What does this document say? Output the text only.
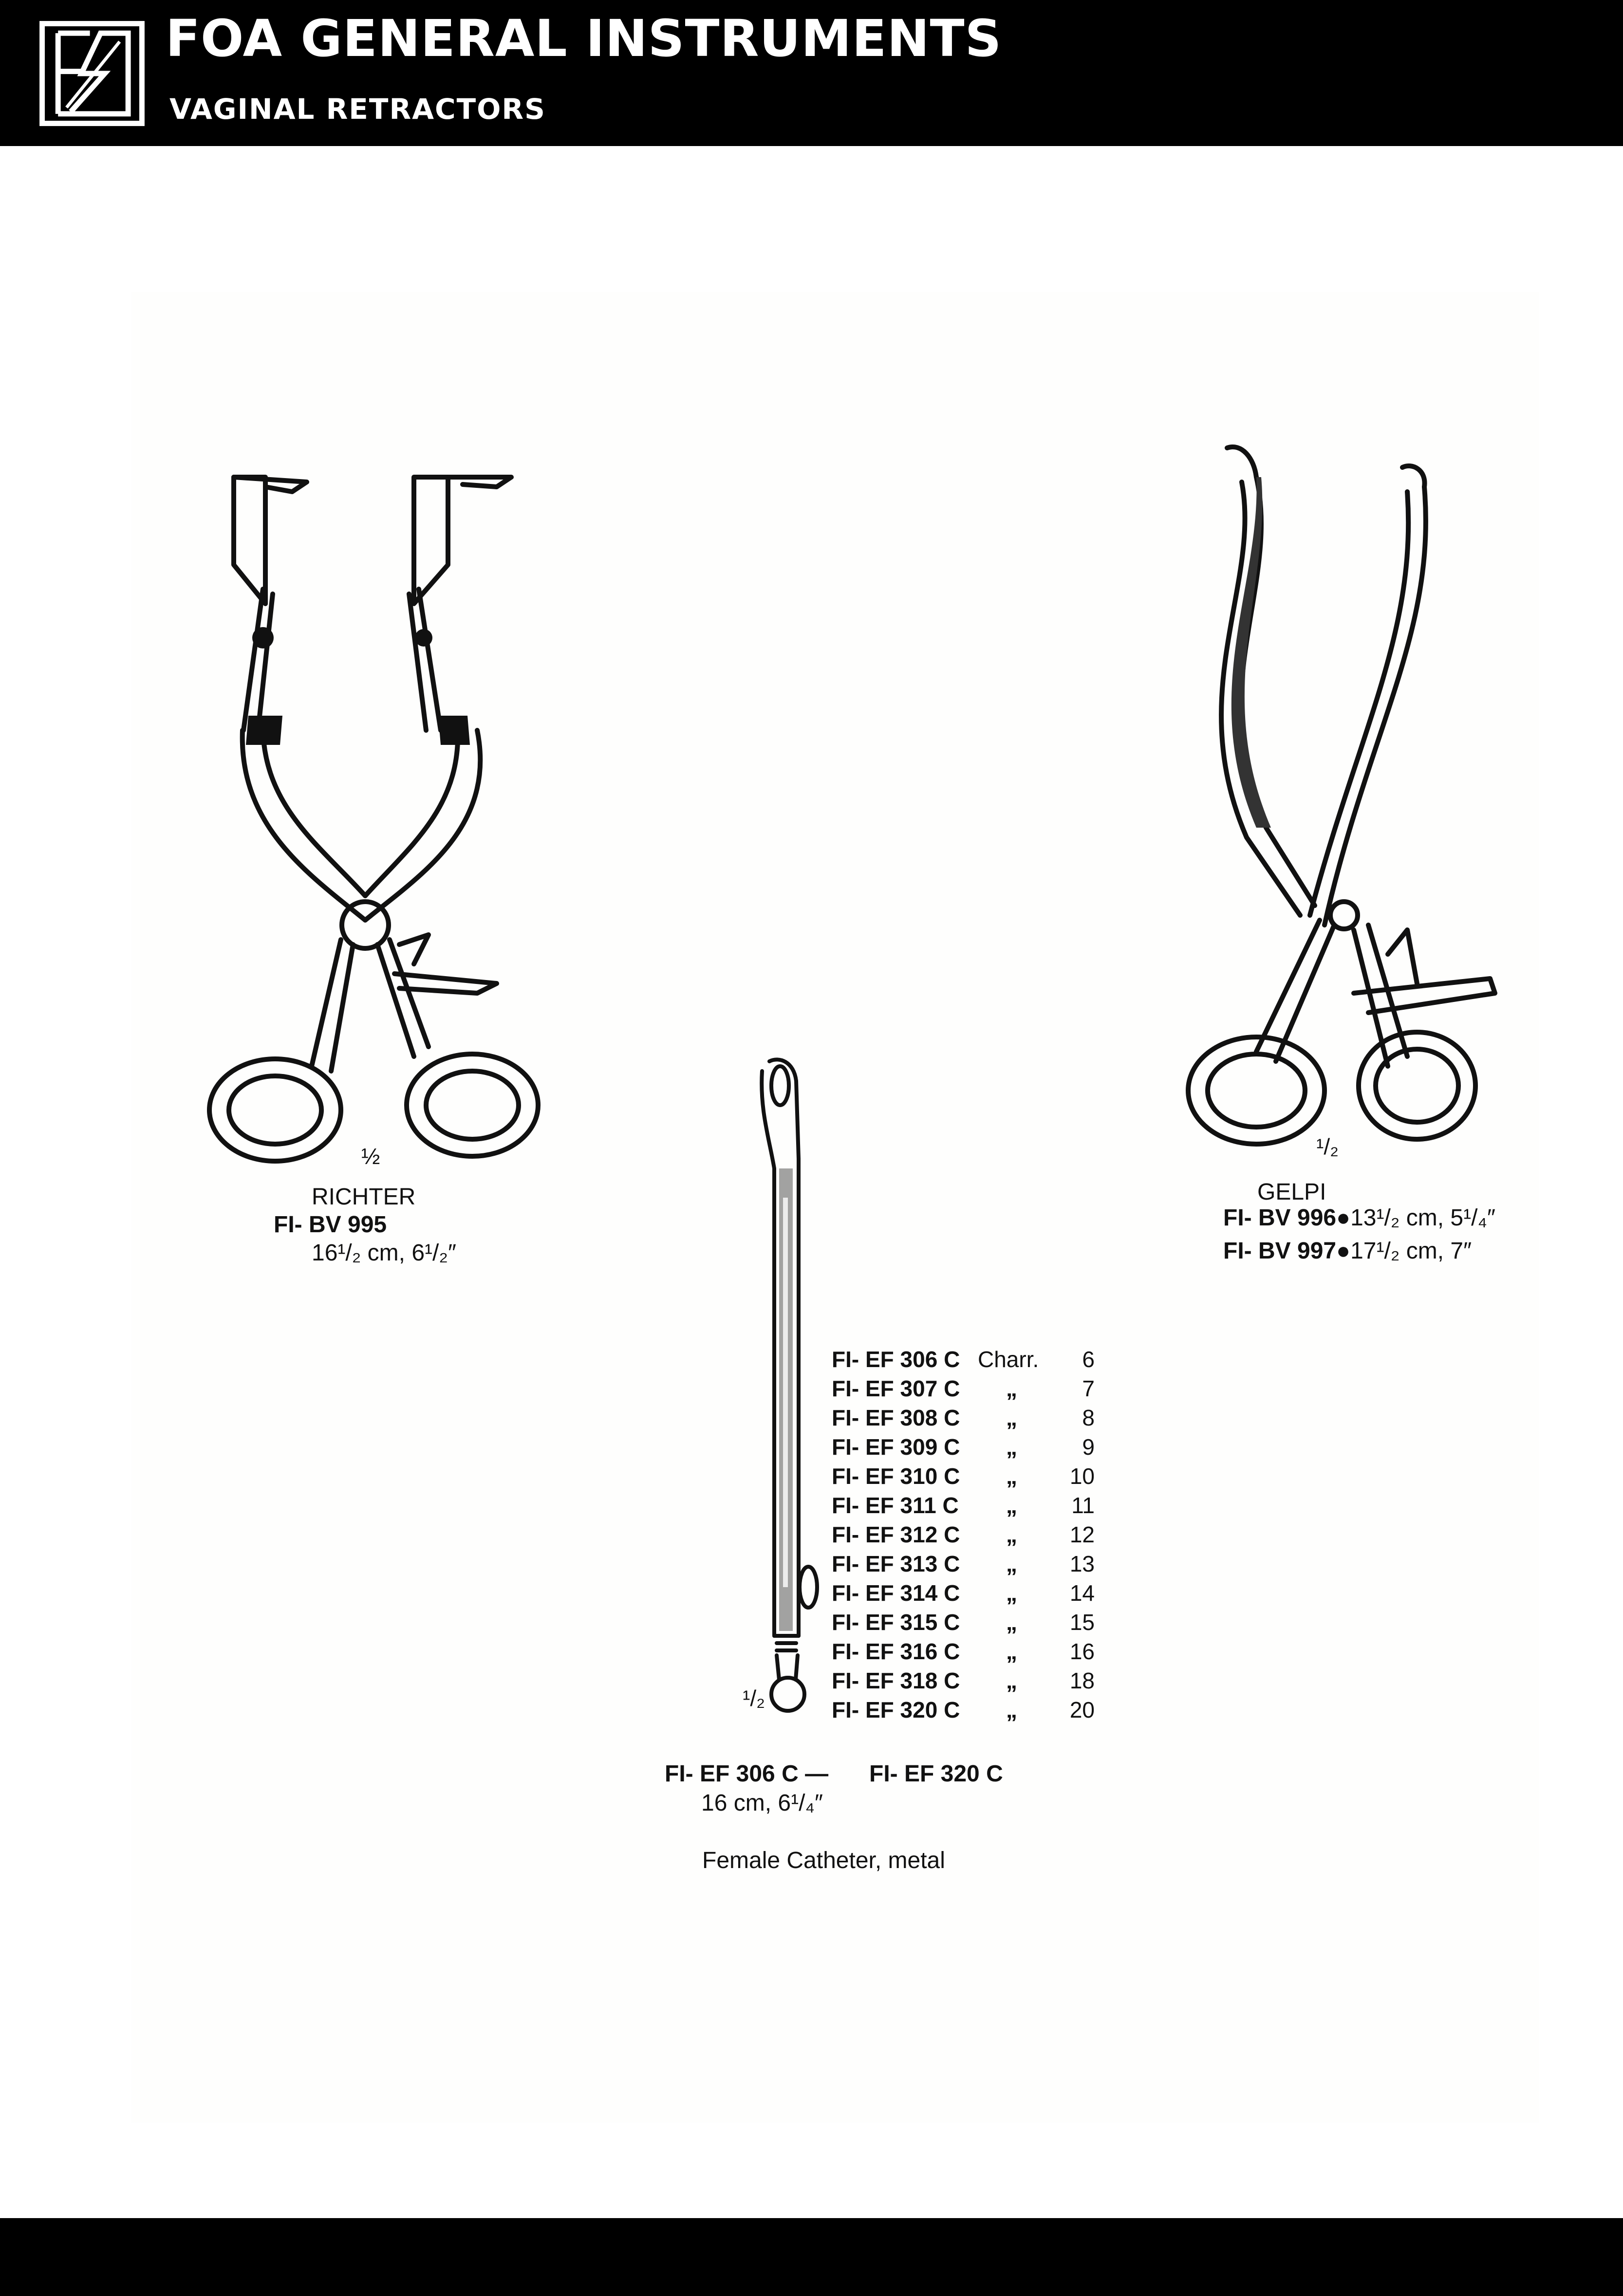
FOA GENERAL INSTRUMENTS
VAGINAL RETRACTORS
½
RICHTER
FI- BV 995
16¹/₂ cm, 6¹/₂″
¹/₂
GELPI
FI- BV 996●13¹/₂ cm, 5¹/₄″
FI- BV 997●17¹/₂ cm, 7″
¹/₂
FI- EF 306 C Charr.	6
FI- EF 307 C „	7
FI- EF 308 C „	8
FI- EF 309 C „	9
FI- EF 310 C „	10
FI- EF 311 C „	11
FI- EF 312 C „	12
FI- EF 313 C „	13
FI- EF 314 C „	14
FI- EF 315 C „	15
FI- EF 316 C „	16
FI- EF 318 C „	18
FI- EF 320 C „	20
FI- EF 306 C — FI- EF 320 C
16 cm, 6¹/₄″
Female Catheter, metal
